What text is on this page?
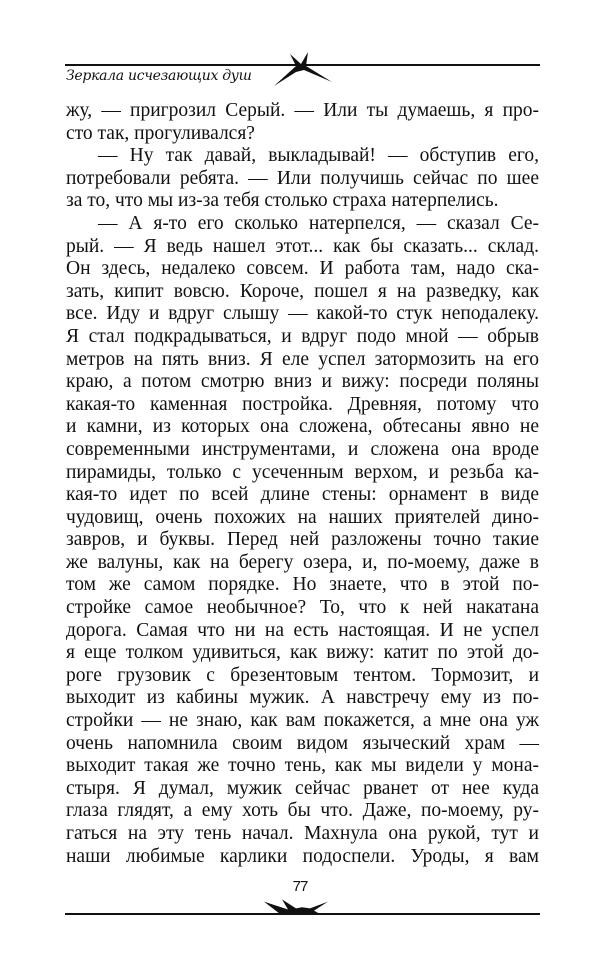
Зеркала исчезающих душ
жу, — пригрозил Серый. — Или ты думаешь, я про-
сто так, прогуливался?
— Ну так давай, выкладывай! — обступив его,
потребовали ребята. — Или получишь сейчас по шее
за то, что мы из-за тебя столько страха натерпелись.
— А я-то его сколько натерпелся, — сказал Се-
рый. — Я ведь нашел этот... как бы сказать... склад.
Он здесь, недалеко совсем. И работа там, надо ска-
зать, кипит вовсю. Короче, пошел я на разведку, как
все. Иду и вдруг слышу — какой-то стук неподалеку.
Я стал подкрадываться, и вдруг подо мной — обрыв
метров на пять вниз. Я еле успел затормозить на его
краю, а потом смотрю вниз и вижу: посреди поляны
какая-то каменная постройка. Древняя, потому что
и камни, из которых она сложена, обтесаны явно не
современными инструментами, и сложена она вроде
пирамиды, только с усеченным верхом, и резьба ка-
кая-то идет по всей длине стены: орнамент в виде
чудовищ, очень похожих на наших приятелей дино-
завров, и буквы. Перед ней разложены точно такие
же валуны, как на берегу озера, и, по-моему, даже в
том же самом порядке. Но знаете, что в этой по-
стройке самое необычное? То, что к ней накатана
дорога. Самая что ни на есть настоящая. И не успел
я еще толком удивиться, как вижу: катит по этой до-
роге грузовик с брезентовым тентом. Тормозит, и
выходит из кабины мужик. А навстречу ему из по-
стройки — не знаю, как вам покажется, а мне она уж
очень напомнила своим видом языческий храм —
выходит такая же точно тень, как мы видели у мона-
стыря. Я думал, мужик сейчас рванет от нее куда
глаза глядят, а ему хоть бы что. Даже, по-моему, ру-
гаться на эту тень начал. Махнула она рукой, тут и
наши любимые карлики подоспели. Уроды, я вам
77
